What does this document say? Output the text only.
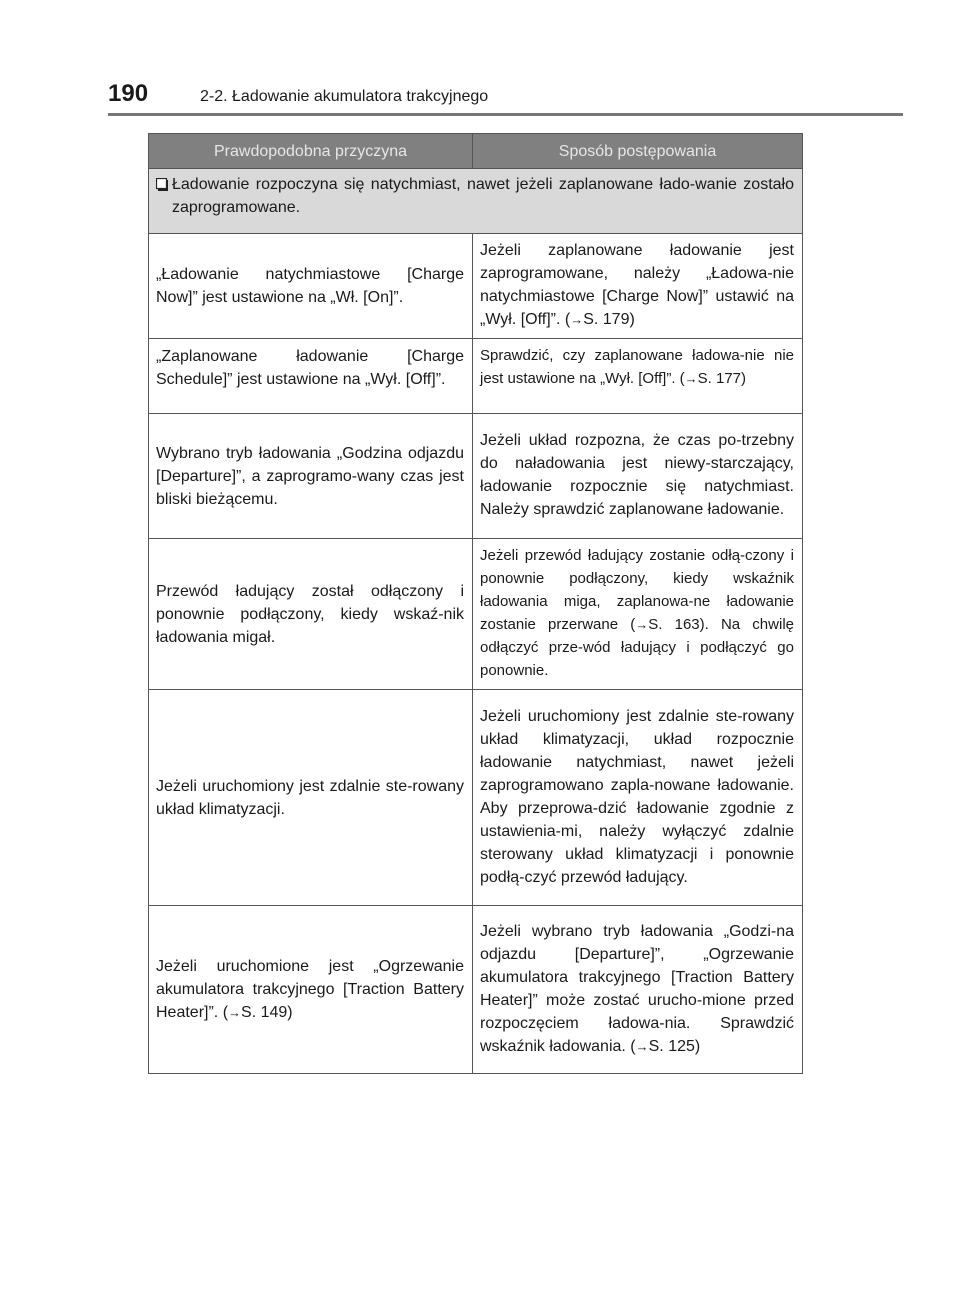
190	2-2. Ładowanie akumulatora trakcyjnego
Prawdopodobna przyczyna	Sposób postępowania

Ładowanie rozpoczyna się natychmiast, nawet jeżeli zaplanowane łado-wanie zostało zaprogramowane.	

„Ładowanie natychmiastowe [Charge Now]” jest ustawione na „Wł. [On]”.	Jeżeli zaplanowane ładowanie jest zaprogramowane, należy „Ładowa-nie natychmiastowe [Charge Now]” ustawić na „Wył. [Off]”. (→S. 179)
„Zaplanowane ładowanie [Charge Schedule]” jest ustawione na „Wył. [Off]”.	Sprawdzić, czy zaplanowane ładowa-nie nie jest ustawione na „Wył. [Off]”. (→S. 177)
Wybrano tryb ładowania „Godzina odjazdu [Departure]”, a zaprogramo-wany czas jest bliski bieżącemu.	Jeżeli układ rozpozna, że czas po-trzebny do naładowania jest niewy-starczający, ładowanie rozpocznie się natychmiast. Należy sprawdzić zaplanowane ładowanie.
Przewód ładujący został odłączony i ponownie podłączony, kiedy wskaź-nik ładowania migał.	Jeżeli przewód ładujący zostanie odłą-czony i ponownie podłączony, kiedy wskaźnik ładowania miga, zaplanowa-ne ładowanie zostanie przerwane (→S. 163). Na chwilę odłączyć prze-wód ładujący i podłączyć go ponownie.
Jeżeli uruchomiony jest zdalnie ste-rowany układ klimatyzacji.	Jeżeli uruchomiony jest zdalnie ste-rowany układ klimatyzacji, układ rozpocznie ładowanie natychmiast, nawet jeżeli zaprogramowano zapla-nowane ładowanie. Aby przeprowa-dzić ładowanie zgodnie z ustawienia-mi, należy wyłączyć zdalnie sterowany układ klimatyzacji i ponownie podłą-czyć przewód ładujący.
Jeżeli uruchomione jest „Ogrzewanie akumulatora trakcyjnego [Traction Battery Heater]”. (→S. 149)	Jeżeli wybrano tryb ładowania „Godzi-na odjazdu [Departure]”, „Ogrzewanie akumulatora trakcyjnego [Traction Battery Heater]” może zostać urucho-mione przed rozpoczęciem ładowa-nia. Sprawdzić wskaźnik ładowania. (→S. 125)
